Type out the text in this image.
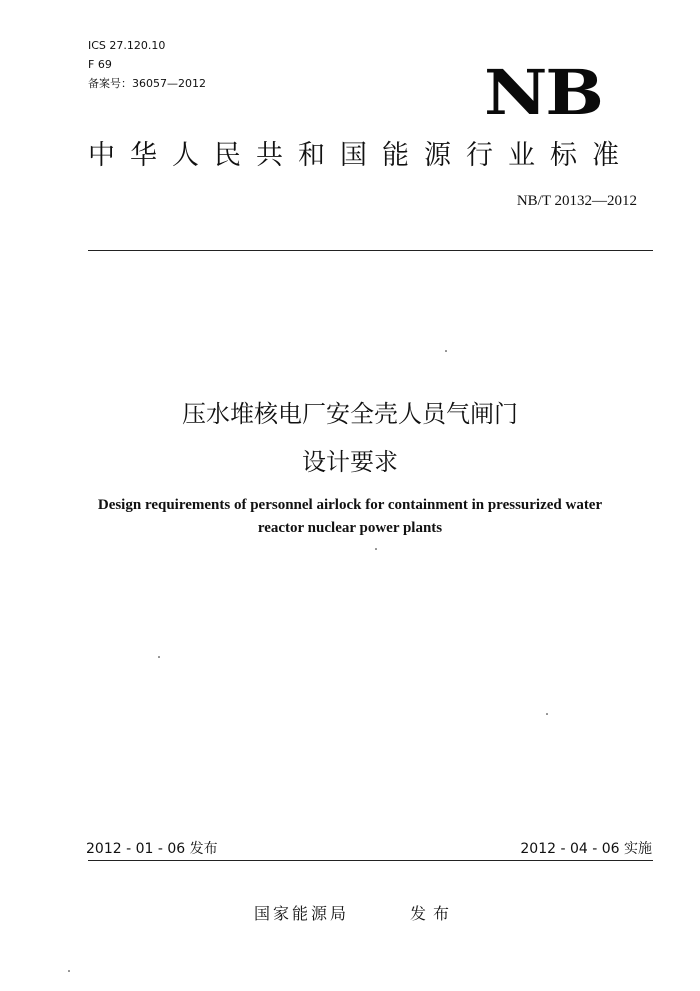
ICS 27.120.10
F 69
备案号：36057—2012	NB
中华人民共和国能源行业标准
NB/T 20132—2012
压水堆核电厂安全壳人员气闸门
设计要求
Design requirements of personnel airlock for containment in pressurized water
reactor nuclear power plants
2012 - 01 - 06 发布	2012 - 04 - 06 实施
国家能源局	发布
